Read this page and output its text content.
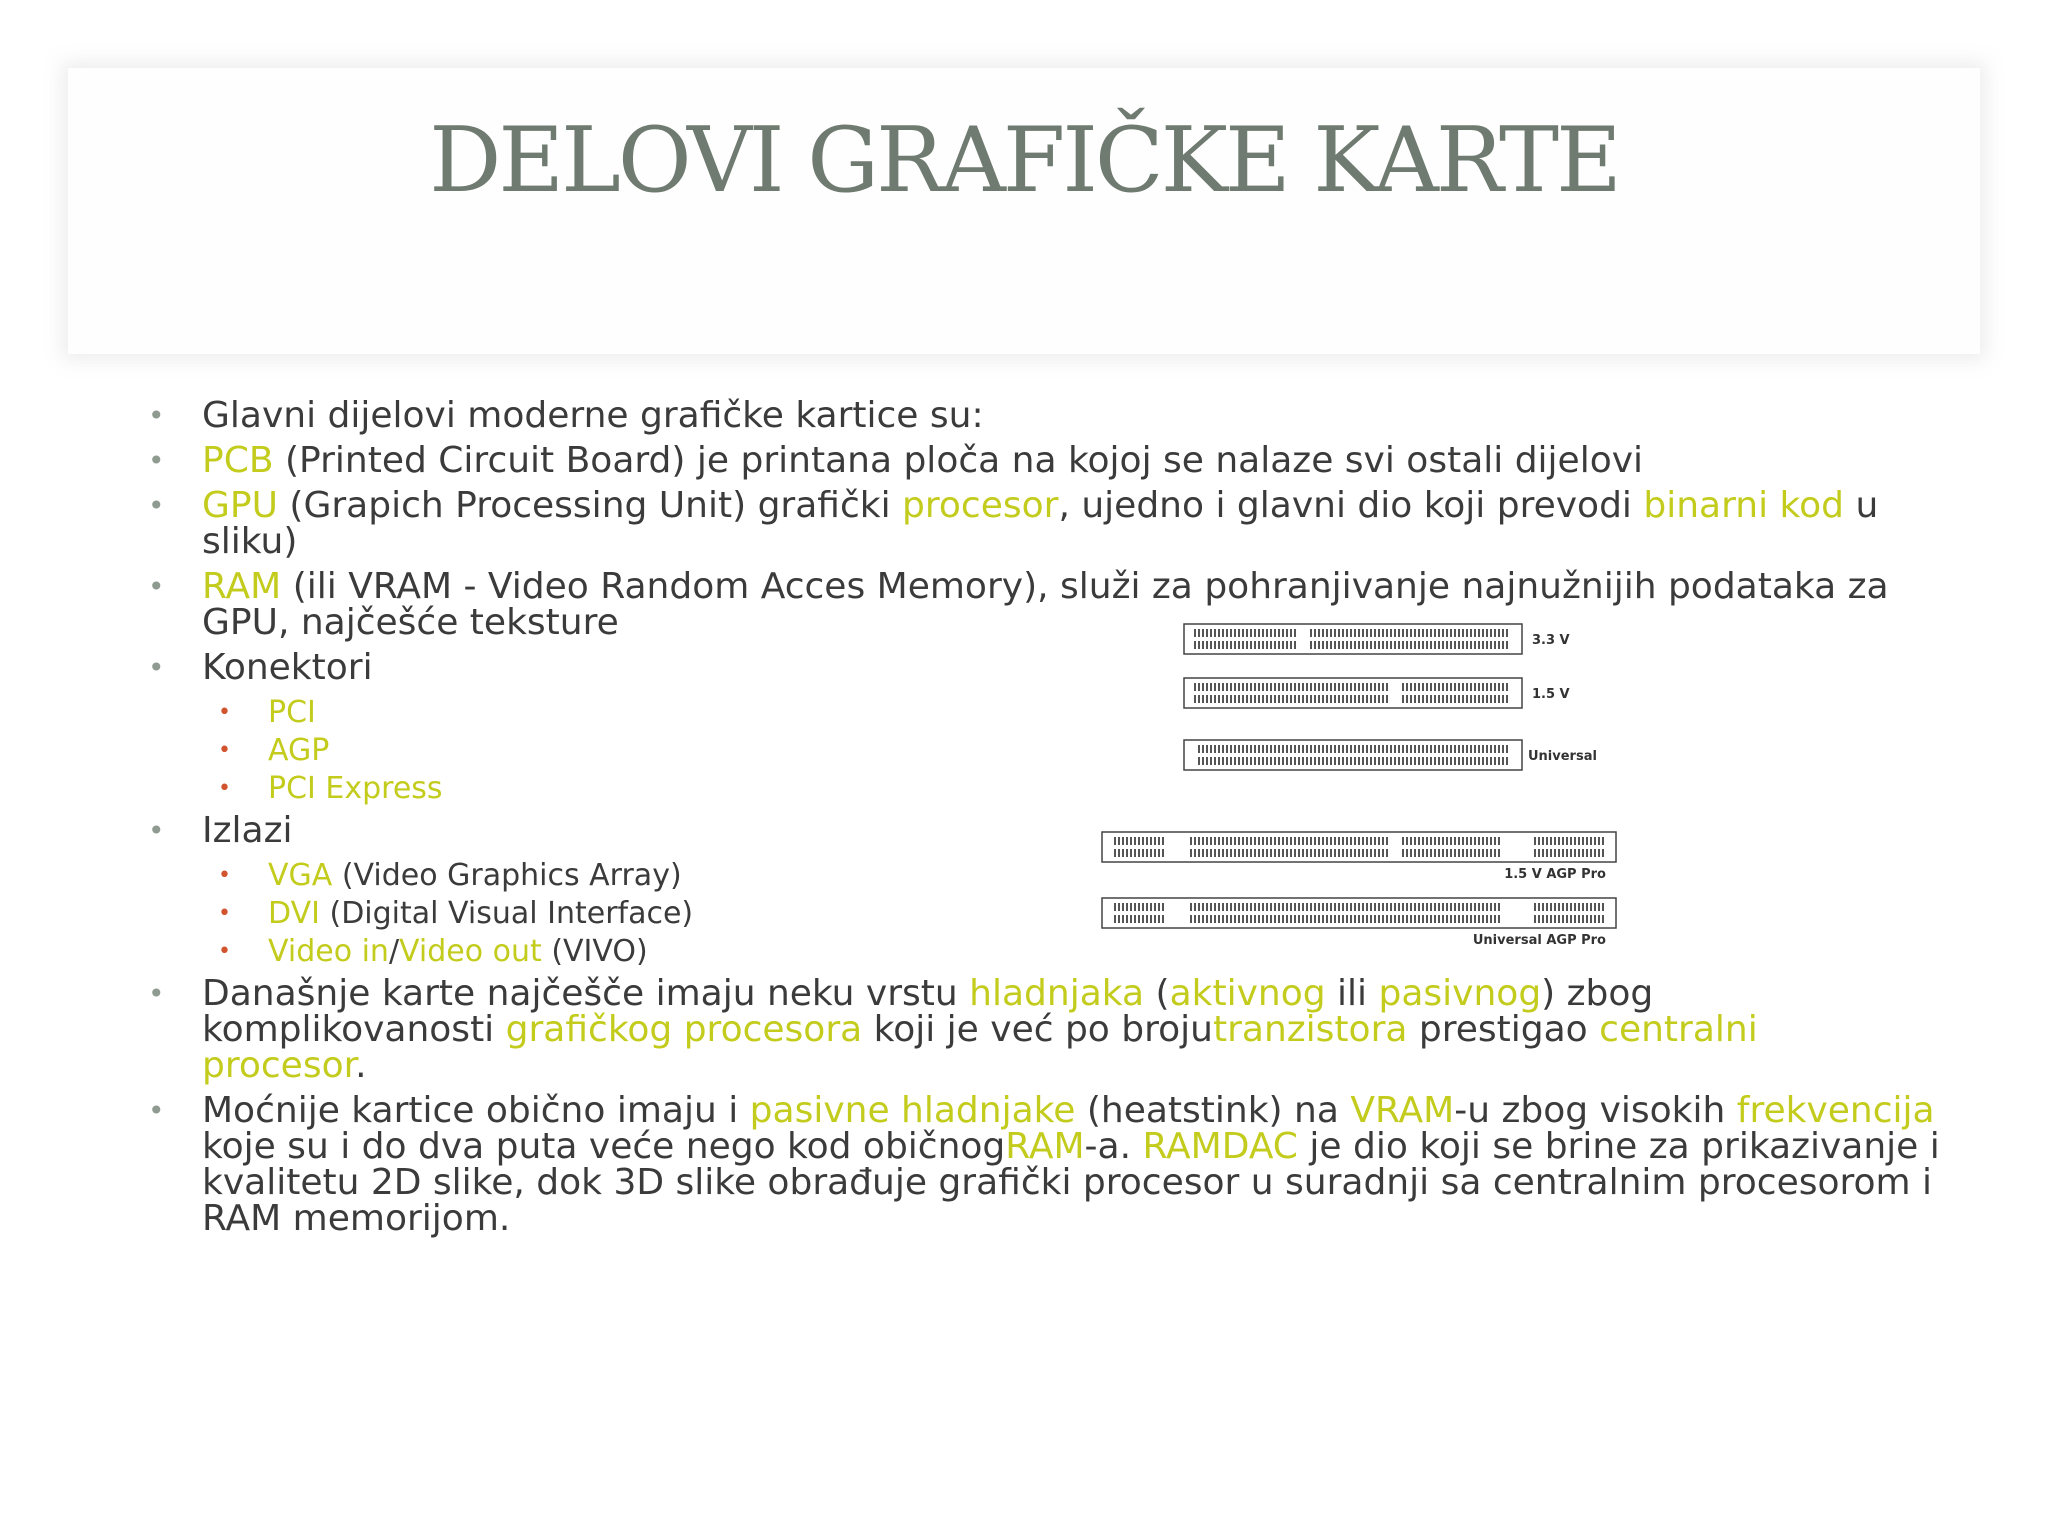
DELOVI GRAFIČKE KARTE
• Glavni dijelovi moderne grafičke kartice su:
• PCB (Printed Circuit Board) je printana ploča na kojoj se nalaze svi ostali dijelovi
• GPU (Grapich Processing Unit) grafički procesor, ujedno i glavni dio koji prevodi binarni kod u sliku)
• RAM (ili VRAM - Video Random Acces Memory), služi za pohranjivanje najnužnijih podataka za GPU, najčešće teksture
• Konektori
• PCI
• AGP
• PCI Express
• Izlazi
• VGA (Video Graphics Array)
• DVI (Digital Visual Interface)
• Video in/Video out (VIVO)
• Današnje karte najčešče imaju neku vrstu hladnjaka (aktivnog ili pasivnog) zbog komplikovanosti grafičkog procesora koji je već po brojutranzistora prestigao centralni procesor.
• Moćnije kartice obično imaju i pasivne hladnjake (heatstink) na VRAM-u zbog visokih frekvencija koje su i do dva puta veće nego kod običnogRAM-a. RAMDAC je dio koji se brine za prikazivanje i kvalitetu 2D slike, dok 3D slike obrađuje grafički procesor u suradnji sa centralnim procesorom i RAM memorijom.
3.3 V
1.5 V
Universal
1.5 V AGP Pro
Universal AGP Pro
